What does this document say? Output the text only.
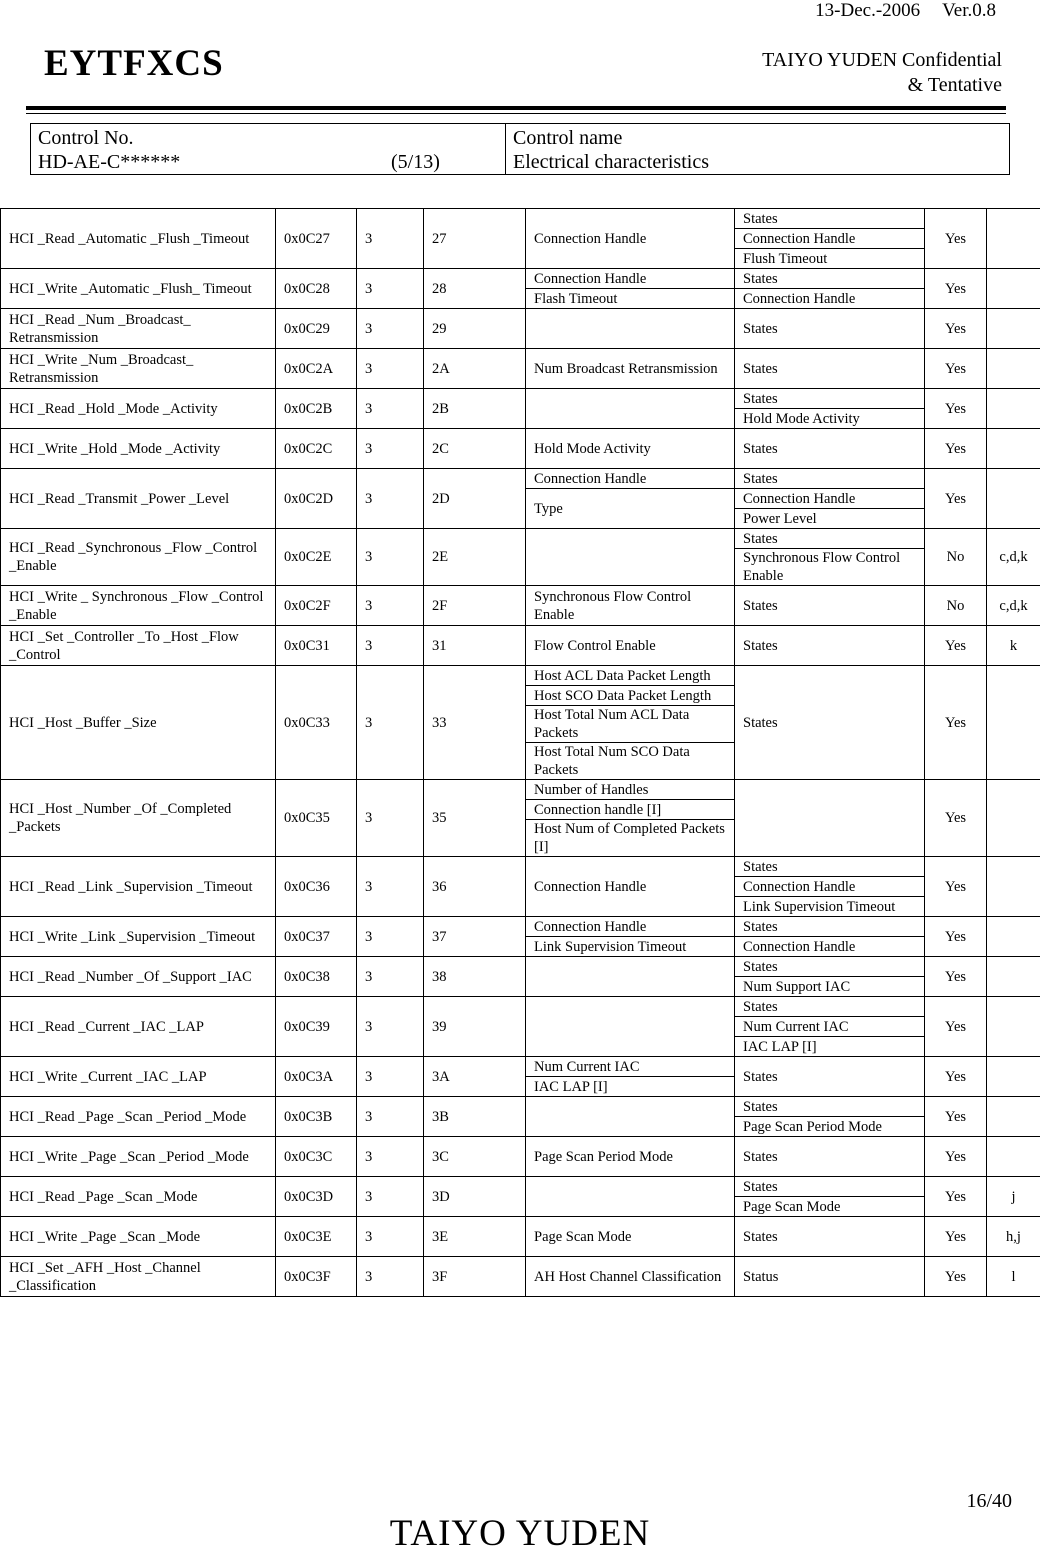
13-Dec.-2006 Ver.0.8
EYTFXCS	TAIYO YUDEN Confidential
& Tentative
Control No.
HD-AE-C******	(5/13)
Control name
Electrical characteristics
HCI _Read _Automatic _Flush _Timeout	0x0C27	3	27	Connection Handle	States	Yes	
					Connection Handle		
					Flush Timeout		
HCI _Write _Automatic _Flush_ Timeout	0x0C28	3	28	Connection Handle	States	Yes	
				Flash Timeout	Connection Handle		
HCI _Read _Num _Broadcast_ Retransmission	0x0C29	3	29		States	Yes	
HCI _Write _Num _Broadcast_ Retransmission	0x0C2A	3	2A	Num Broadcast Retransmission	States	Yes	
HCI _Read _Hold _Mode _Activity	0x0C2B	3	2B		States	Yes	
					Hold Mode Activity		
HCI _Write _Hold _Mode _Activity	0x0C2C	3	2C	Hold Mode Activity	States	Yes	
HCI _Read _Transmit _Power _Level	0x0C2D	3	2D	Connection Handle	States	Yes	
				Type	Connection Handle		
					Power Level		
HCI _Read _Synchronous _Flow _Control _Enable	0x0C2E	3	2E		States	No	c,d,k
					Synchronous Flow Control Enable		
HCI _Write _ Synchronous _Flow _Control _Enable	0x0C2F	3	2F	Synchronous Flow Control Enable	States	No	c,d,k
HCI _Set _Controller _To _Host _Flow _Control	0x0C31	3	31	Flow Control Enable	States	Yes	k
HCI _Host _Buffer _Size	0x0C33	3	33	Host ACL Data Packet Length	States	Yes	
				Host SCO Data Packet Length			
				Host Total Num ACL Data Packets			
				Host Total Num SCO Data Packets			
HCI _Host _Number _Of _Completed _Packets	0x0C35	3	35	Number of Handles		Yes	
				Connection handle [I]			
				Host Num of Completed Packets [I]			
HCI _Read _Link _Supervision _Timeout	0x0C36	3	36	Connection Handle	States	Yes	
					Connection Handle		
					Link Supervision Timeout		
HCI _Write _Link _Supervision _Timeout	0x0C37	3	37	Connection Handle	States	Yes	
				Link Supervision Timeout	Connection Handle		
HCI _Read _Number _Of _Support _IAC	0x0C38	3	38		States	Yes	
					Num Support IAC		
HCI _Read _Current _IAC _LAP	0x0C39	3	39		States	Yes	
					Num Current IAC		
					IAC LAP [I]		
HCI _Write _Current _IAC _LAP	0x0C3A	3	3A	Num Current IAC	States	Yes	
				IAC LAP [I]			
HCI _Read _Page _Scan _Period _Mode	0x0C3B	3	3B		States	Yes	
					Page Scan Period Mode		
HCI _Write _Page _Scan _Period _Mode	0x0C3C	3	3C	Page Scan Period Mode	States	Yes	
HCI _Read _Page _Scan _Mode	0x0C3D	3	3D		States	Yes	j
					Page Scan Mode		
HCI _Write _Page _Scan _Mode	0x0C3E	3	3E	Page Scan Mode	States	Yes	h,j
HCI _Set _AFH _Host _Channel _Classification	0x0C3F	3	3F	AH Host Channel Classification	Status	Yes	l
16/40
TAIYO YUDEN
